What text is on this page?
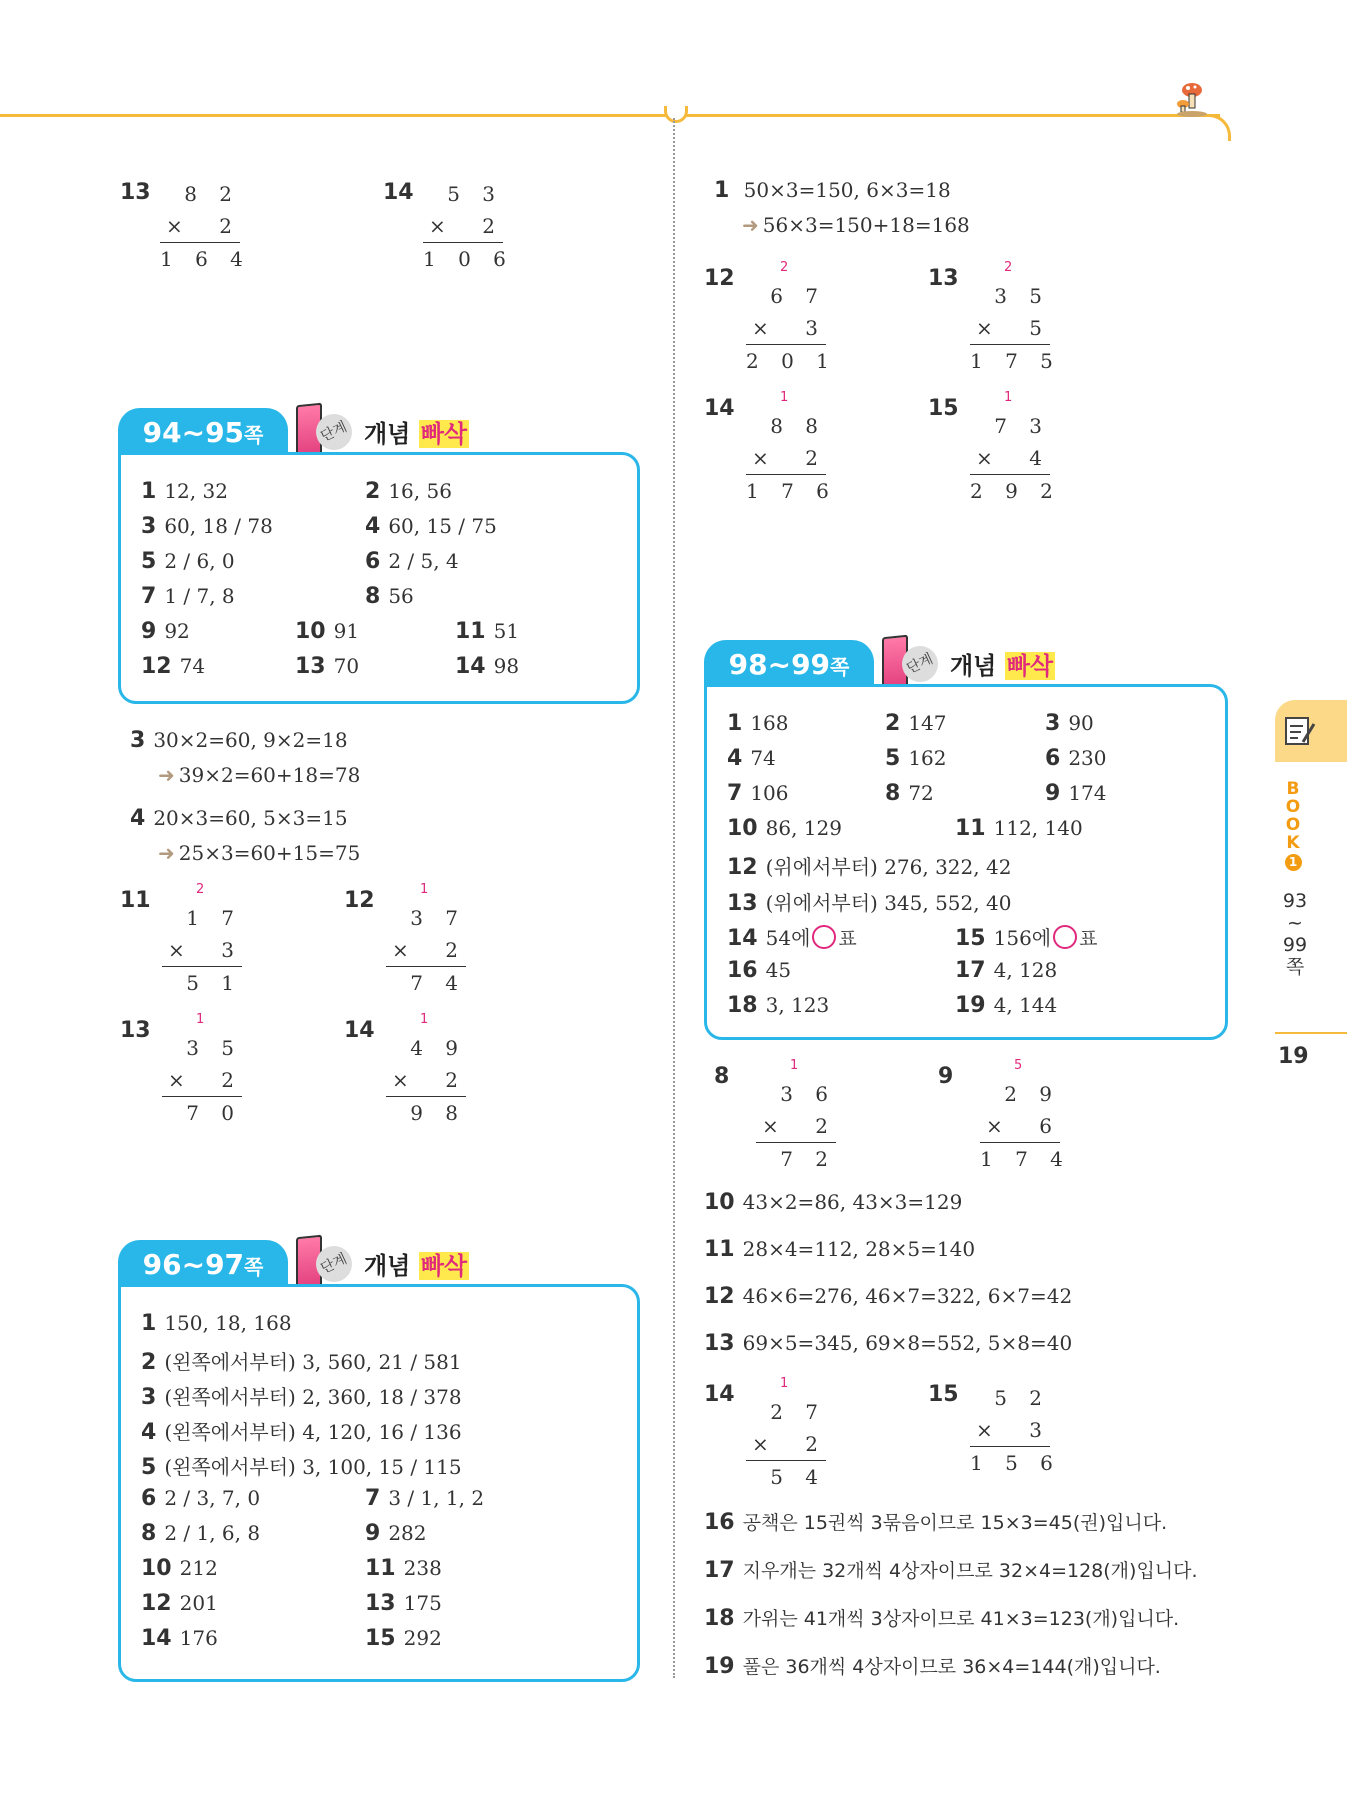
13	8 2
× 2
1 6 4
14	5 3
× 2
1 0 6
94~95쪽	단계 개념 빠삭
1 12, 32	2 16, 56
3 60, 18 / 78	4 60, 15 / 75
5 2 / 6, 0	6 2 / 5, 4
7 1 / 7, 8	8 56
9 92	10 91	11 51
12 74	13 70	14 98
3 30×2=60, 9×2=18
➜ 39×2=60+18=78
4 20×3=60, 5×3=15
➜ 25×3=60+15=75
11	2
1 7
× 3
5 1
12	1
3 7
× 2
7 4
13	1
3 5
× 2
7 0
14	1
4 9
× 2
9 8
96~97쪽	단계 개념 빠삭
1 150, 18, 168
2 (왼쪽에서부터) 3, 560, 21 / 581
3 (왼쪽에서부터) 2, 360, 18 / 378
4 (왼쪽에서부터) 4, 120, 16 / 136
5 (왼쪽에서부터) 3, 100, 15 / 115
6 2 / 3, 7, 0	7 3 / 1, 1, 2
8 2 / 1, 6, 8	9 282
10 212	11 238
12 201	13 175
14 176	15 292
1 50×3=150, 6×3=18
➜ 56×3=150+18=168
12	2
6 7
× 3
2 0 1
13	2
3 5
× 5
1 7 5
14	1
8 8
× 2
1 7 6
15	1
7 3
× 4
2 9 2
98~99쪽	단계 개념 빠삭
1 168	2 147	3 90
4 74	5 162	6 230
7 106	8 72	9 174
10 86, 129	11 112, 140
12 (위에서부터) 276, 322, 42
13 (위에서부터) 345, 552, 40
14 54에 ○ 표	15 156에 ○ 표
16 45	17 4, 128
18 3, 123	19 4, 144
8	1
3 6
× 2
7 2
9	5
2 9
× 6
1 7 4
10 43×2=86, 43×3=129
11 28×4=112, 28×5=140
12 46×6=276, 46×7=322, 6×7=42
13 69×5=345, 69×8=552, 5×8=40
14	1
2 7
× 2
5 4
15	5 2
× 3
1 5 6
16 공책은 15권씩 3묶음이므로 15×3=45(권)입니다.
17 지우개는 32개씩 4상자이므로 32×4=128(개)입니다.
18 가위는 41개씩 3상자이므로 41×3=123(개)입니다.
19 풀은 36개씩 4상자이므로 36×4=144(개)입니다.
B
O
O
K
1
93
~
99
쪽
19
